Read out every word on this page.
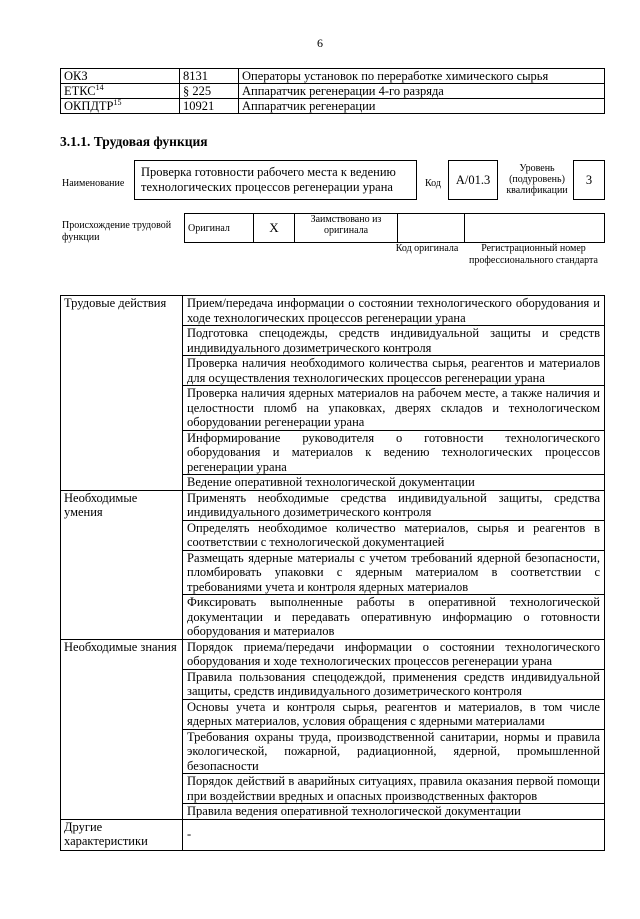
6
ОКЗ	8131	Операторы установок по переработке химического сырья
ЕТКС$^{14}$	§ 225	Аппаратчик регенерации 4-го разряда
ОКПДТР$^{15}$	10921	Аппаратчик регенерации
3.1.1. Трудовая функция
Наименование
Проверка готовности рабочего места к ведению технологических процессов регенерации урана	Код	A/01.3
Уровень (подуровень) квалификации
3
Происхождение трудовой функции
Оригинал	X	Заимствовано из оригинала		
Код оригинала	Регистрационный номер профессионального стандарта
Трудовые действия	Прием/передача информации о состоянии технологического оборудования и ходе технологических процессов регенерации урана
	Подготовка спецодежды, средств индивидуальной защиты и средств индивидуального дозиметрического контроля
	Проверка наличия необходимого количества сырья, реагентов и материалов для осуществления технологических процессов регенерации урана
	Проверка наличия ядерных материалов на рабочем месте, а также наличия и целостности пломб на упаковках, дверях складов и технологическом оборудовании регенерации урана
	Информирование руководителя о готовности технологического оборудования и материалов к ведению технологических процессов регенерации урана
	Ведение оперативной технологической документации
Необходимые умения	Применять необходимые средства индивидуальной защиты, средства индивидуального дозиметрического контроля
	Определять необходимое количество материалов, сырья и реагентов в соответствии с технологической документацией
	Размещать ядерные материалы с учетом требований ядерной безопасности, пломбировать упаковки с ядерным материалом в соответствии с требованиями учета и контроля ядерных материалов
	Фиксировать выполненные работы в оперативной технологической документации и передавать оперативную информацию о готовности оборудования и материалов
Необходимые знания	Порядок приема/передачи информации о состоянии технологического оборудования и ходе технологических процессов регенерации урана
	Правила пользования спецодеждой, применения средств индивидуальной защиты, средств индивидуального дозиметрического контроля
	Основы учета и контроля сырья, реагентов и материалов, в том числе ядерных материалов, условия обращения с ядерными материалами
	Требования охраны труда, производственной санитарии, нормы и правила экологической, пожарной, радиационной, ядерной, промышленной безопасности
	Порядок действий в аварийных ситуациях, правила оказания первой помощи при воздействии вредных и опасных производственных факторов
	Правила ведения оперативной технологической документации
Другие характеристики	-
